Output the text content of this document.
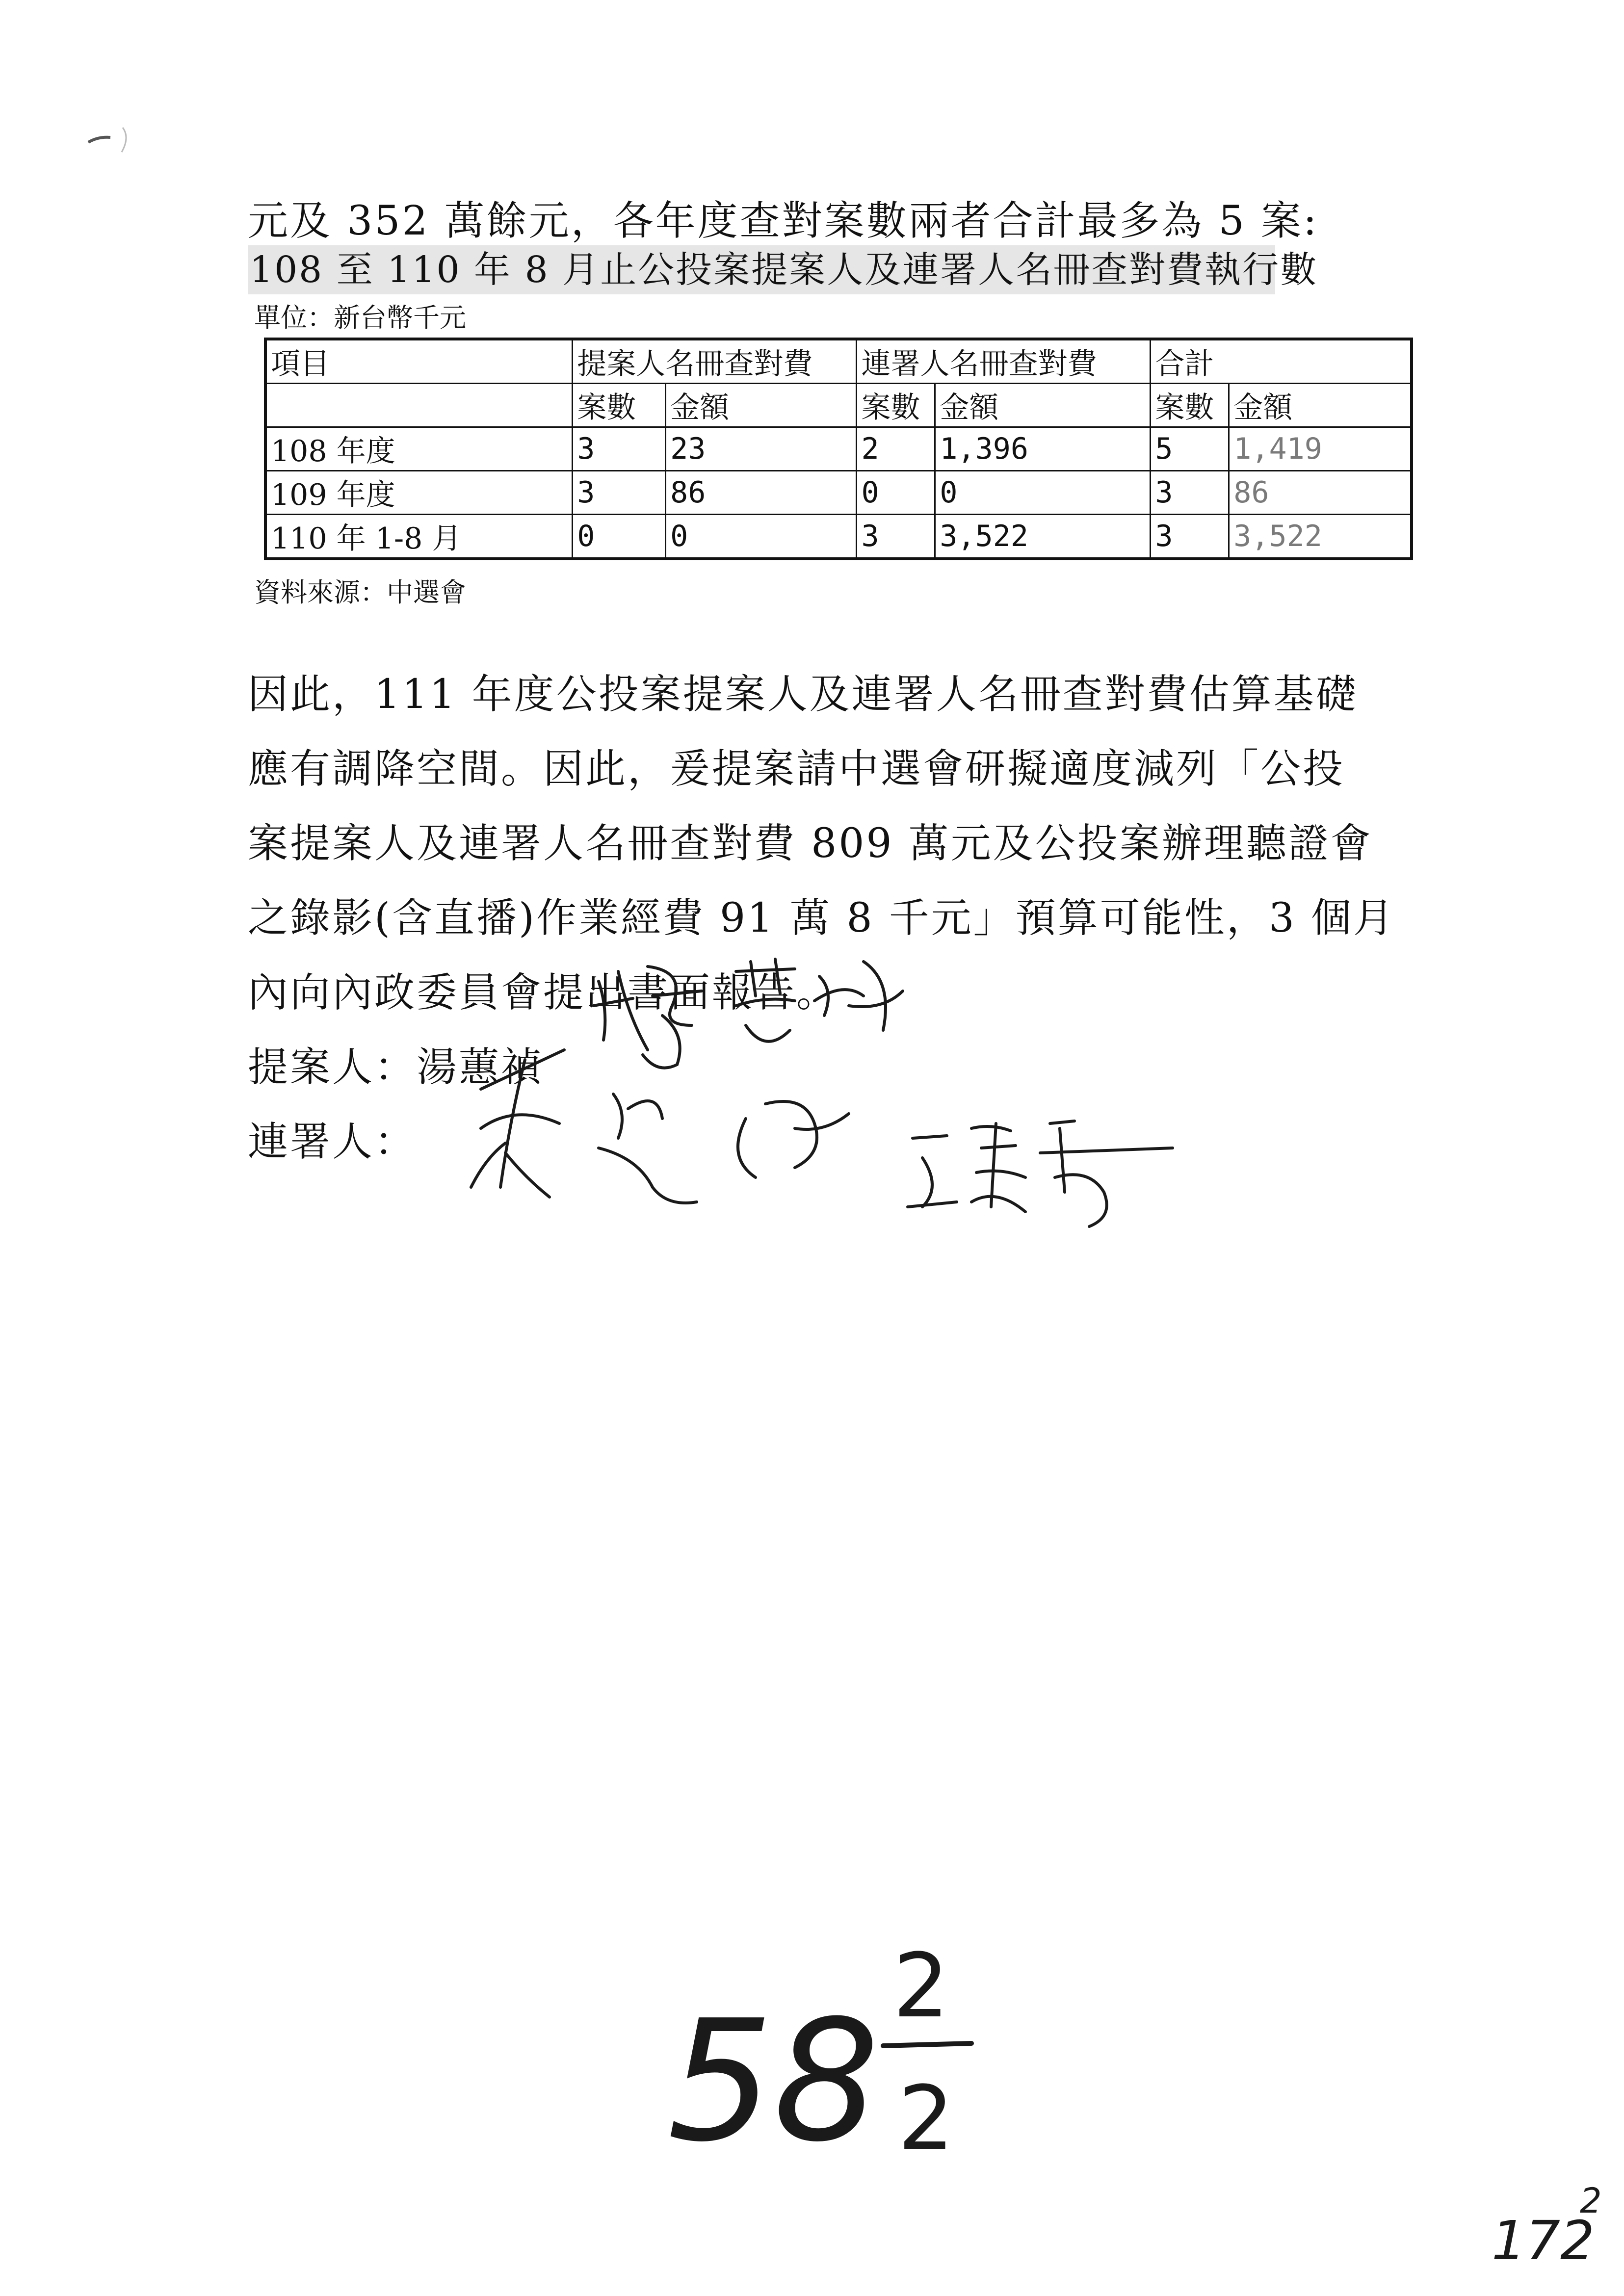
元及 352 萬餘元，各年度查對案數兩者合計最多為 5 案:
108 至 110 年 8 月止公投案提案人及連署人名冊查對費執行數
單位：新台幣千元
項目	提案人名冊查對費		連署人名冊查對費		合計	
	案數	金額	案數	金額	案數	金額
108 年度	3	23	2	1,396	5	1,419
109 年度	3	86	0	0	3	86
110 年 1-8 月	0	0	3	3,522	3	3,522
資料來源：中選會

因此，111 年度公投案提案人及連署人名冊查對費估算基礎

應有調降空間。因此，爰提案請中選會研擬適度減列「公投

案提案人及連署人名冊查對費 809 萬元及公投案辦理聽證會

之錄影(含直播)作業經費 91 萬 8 千元」預算可能性，3 個月

內向內政委員會提出書面報告。

提案人：湯蕙禎

連署人：

58 2
2
172
2
